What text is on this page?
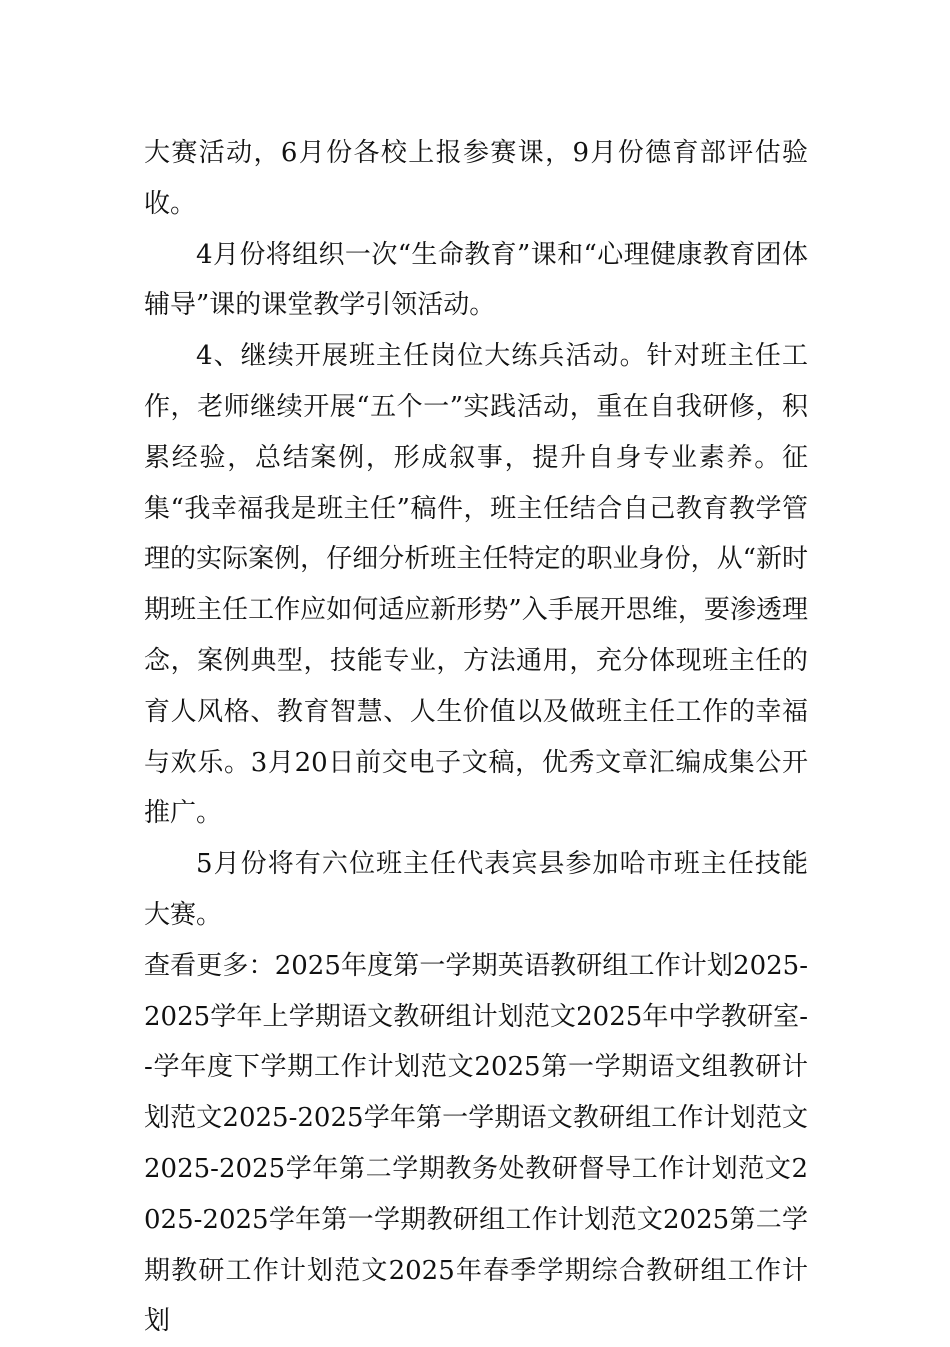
大赛活动，6月份各校上报参赛课，9月份德育部评估验收。

4月份将组织一次“生命教育”课和“心理健康教育团体辅导”课的课堂教学引领活动。

4、继续开展班主任岗位大练兵活动。针对班主任工作，老师继续开展“五个一”实践活动，重在自我研修，积累经验，总结案例，形成叙事，提升自身专业素养。征集“我幸福我是班主任”稿件，班主任结合自己教育教学管理的实际案例，仔细分析班主任特定的职业身份，从“新时期班主任工作应如何适应新形势”入手展开思维，要渗透理念，案例典型，技能专业，方法通用，充分体现班主任的育人风格、教育智慧、人生价值以及做班主任工作的幸福与欢乐。3月20日前交电子文稿，优秀文章汇编成集公开推广。

5月份将有六位班主任代表宾县参加哈市班主任技能大赛。

查看更多：2025年度第一学期英语教研组工作计划2025-2025学年上学期语文教研组计划范文2025年中学教研室--学年度下学期工作计划范文2025第一学期语文组教研计划范文2025-2025学年第一学期语文教研组工作计划范文2025-2025学年第二学期教务处教研督导工作计划范文2025-2025学年第一学期教研组工作计划范文2025第二学期教研工作计划范文2025年春季学期综合教研组工作计划
